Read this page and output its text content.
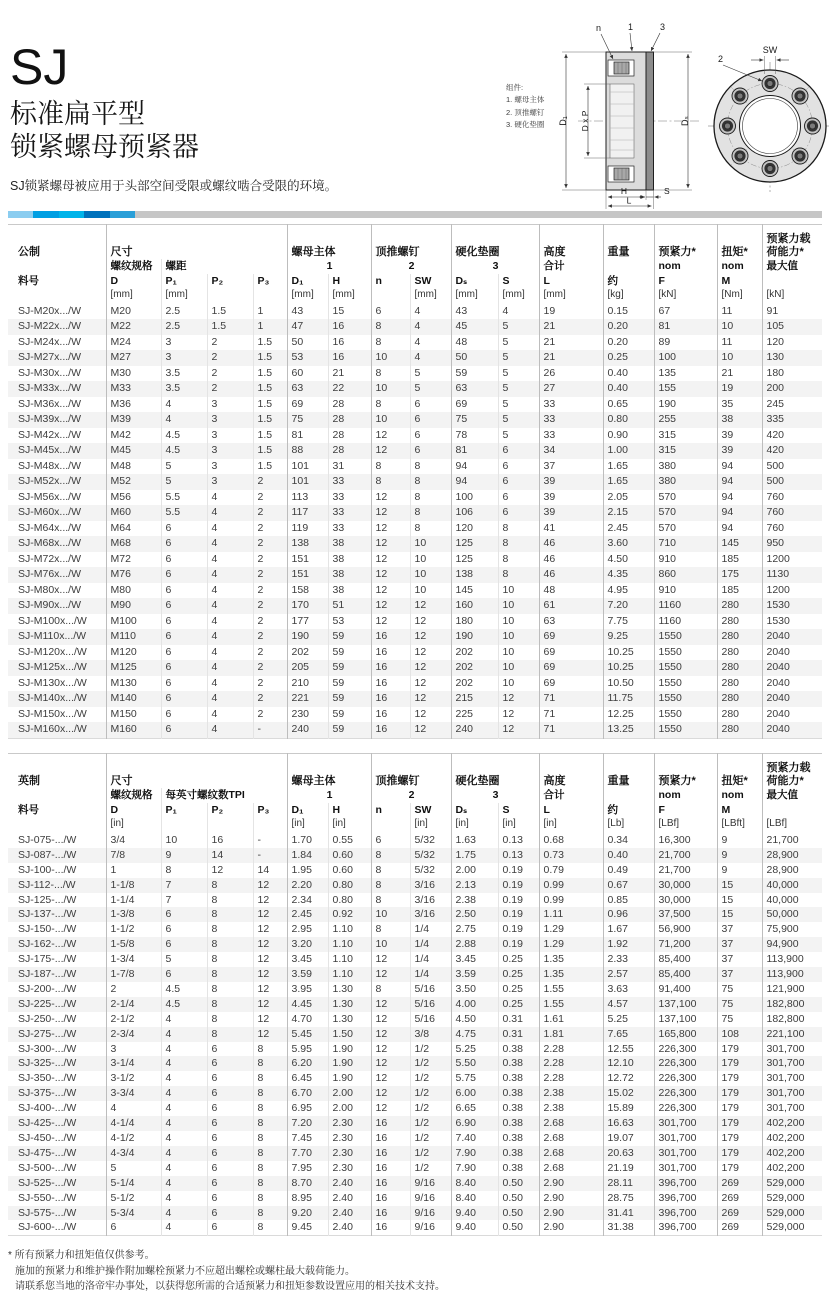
SJ
标准扁平型
锁紧螺母预紧器

SJ锁紧螺母被应用于头部空间受限或螺纹啮合受限的环境。

组件:
1. 螺母主体
2. 顶推螺钉
3. 硬化垫圈
n	1	3
D₁ D x P	Dₛ
H	S
L
SW
2
公制	尺寸				螺母主体		顶推螺钉		硬化垫圈		高度	重量	预紧力*	扭矩*	预紧力载荷能力*
	螺纹规格	螺距			1		2		3		合计		nom	nom	最大值
料号	D	P₁	P₂	P₃	D₁	H	n	SW	Dₛ	S	L	约	F	M	
	[mm]	[mm]			[mm]	[mm]		[mm]	[mm]	[mm]	[mm]	[kg]	[kN]	[Nm]	[kN]
SJ-M20x.../W	M20	2.5	1.5	1	43	15	6	4	43	4	19	0.15	67	11	91
SJ-M22x.../W	M22	2.5	1.5	1	47	16	8	4	45	5	21	0.20	81	10	105
SJ-M24x.../W	M24	3	2	1.5	50	16	8	4	48	5	21	0.20	89	11	120
SJ-M27x.../W	M27	3	2	1.5	53	16	10	4	50	5	21	0.25	100	10	130
SJ-M30x.../W	M30	3.5	2	1.5	60	21	8	5	59	5	26	0.40	135	21	180
SJ-M33x.../W	M33	3.5	2	1.5	63	22	10	5	63	5	27	0.40	155	19	200
SJ-M36x.../W	M36	4	3	1.5	69	28	8	6	69	5	33	0.65	190	35	245
SJ-M39x.../W	M39	4	3	1.5	75	28	10	6	75	5	33	0.80	255	38	335
SJ-M42x.../W	M42	4.5	3	1.5	81	28	12	6	78	5	33	0.90	315	39	420
SJ-M45x.../W	M45	4.5	3	1.5	88	28	12	6	81	6	34	1.00	315	39	420
SJ-M48x.../W	M48	5	3	1.5	101	31	8	8	94	6	37	1.65	380	94	500
SJ-M52x.../W	M52	5	3	2	101	33	8	8	94	6	39	1.65	380	94	500
SJ-M56x.../W	M56	5.5	4	2	113	33	12	8	100	6	39	2.05	570	94	760
SJ-M60x.../W	M60	5.5	4	2	117	33	12	8	106	6	39	2.15	570	94	760
SJ-M64x.../W	M64	6	4	2	119	33	12	8	120	8	41	2.45	570	94	760
SJ-M68x.../W	M68	6	4	2	138	38	12	10	125	8	46	3.60	710	145	950
SJ-M72x.../W	M72	6	4	2	151	38	12	10	125	8	46	4.50	910	185	1200
SJ-M76x.../W	M76	6	4	2	151	38	12	10	138	8	46	4.35	860	175	1130
SJ-M80x.../W	M80	6	4	2	158	38	12	10	145	10	48	4.95	910	185	1200
SJ-M90x.../W	M90	6	4	2	170	51	12	12	160	10	61	7.20	1160	280	1530
SJ-M100x.../W	M100	6	4	2	177	53	12	12	180	10	63	7.75	1160	280	1530
SJ-M110x.../W	M110	6	4	2	190	59	16	12	190	10	69	9.25	1550	280	2040
SJ-M120x.../W	M120	6	4	2	202	59	16	12	202	10	69	10.25	1550	280	2040
SJ-M125x.../W	M125	6	4	2	205	59	16	12	202	10	69	10.25	1550	280	2040
SJ-M130x.../W	M130	6	4	2	210	59	16	12	202	10	69	10.50	1550	280	2040
SJ-M140x.../W	M140	6	4	2	221	59	16	12	215	12	71	11.75	1550	280	2040
SJ-M150x.../W	M150	6	4	2	230	59	16	12	225	12	71	12.25	1550	280	2040
SJ-M160x.../W	M160	6	4	-	240	59	16	12	240	12	71	13.25	1550	280	2040
英制	尺寸				螺母主体		顶推螺钉		硬化垫圈		高度	重量	预紧力*	扭矩*	预紧力载荷能力*
	螺纹规格	每英寸螺纹数TPI			1		2		3		合计		nom	nom	最大值
料号	D	P₁	P₂	P₃	D₁	H	n	SW	Dₛ	S	L	约	F	M	
	[in]				[in]	[in]		[in]	[in]	[in]	[in]	[Lb]	[LBf]	[LBft]	[LBf]
SJ-075-.../W	3/4	10	16	-	1.70	0.55	6	5/32	1.63	0.13	0.68	0.34	16,300	9	21,700
SJ-087-.../W	7/8	9	14	-	1.84	0.60	8	5/32	1.75	0.13	0.73	0.40	21,700	9	28,900
SJ-100-.../W	1	8	12	14	1.95	0.60	8	5/32	2.00	0.19	0.79	0.49	21,700	9	28,900
SJ-112-.../W	1-1/8	7	8	12	2.20	0.80	8	3/16	2.13	0.19	0.99	0.67	30,000	15	40,000
SJ-125-.../W	1-1/4	7	8	12	2.34	0.80	8	3/16	2.38	0.19	0.99	0.85	30,000	15	40,000
SJ-137-.../W	1-3/8	6	8	12	2.45	0.92	10	3/16	2.50	0.19	1.11	0.96	37,500	15	50,000
SJ-150-.../W	1-1/2	6	8	12	2.95	1.10	8	1/4	2.75	0.19	1.29	1.67	56,900	37	75,900
SJ-162-.../W	1-5/8	6	8	12	3.20	1.10	10	1/4	2.88	0.19	1.29	1.92	71,200	37	94,900
SJ-175-.../W	1-3/4	5	8	12	3.45	1.10	12	1/4	3.45	0.25	1.35	2.33	85,400	37	113,900
SJ-187-.../W	1-7/8	6	8	12	3.59	1.10	12	1/4	3.59	0.25	1.35	2.57	85,400	37	113,900
SJ-200-.../W	2	4.5	8	12	3.95	1.30	8	5/16	3.50	0.25	1.55	3.63	91,400	75	121,900
SJ-225-.../W	2-1/4	4.5	8	12	4.45	1.30	12	5/16	4.00	0.25	1.55	4.57	137,100	75	182,800
SJ-250-.../W	2-1/2	4	8	12	4.70	1.30	12	5/16	4.50	0.31	1.61	5.25	137,100	75	182,800
SJ-275-.../W	2-3/4	4	8	12	5.45	1.50	12	3/8	4.75	0.31	1.81	7.65	165,800	108	221,100
SJ-300-.../W	3	4	6	8	5.95	1.90	12	1/2	5.25	0.38	2.28	12.55	226,300	179	301,700
SJ-325-.../W	3-1/4	4	6	8	6.20	1.90	12	1/2	5.50	0.38	2.28	12.10	226,300	179	301,700
SJ-350-.../W	3-1/2	4	6	8	6.45	1.90	12	1/2	5.75	0.38	2.28	12.72	226,300	179	301,700
SJ-375-.../W	3-3/4	4	6	8	6.70	2.00	12	1/2	6.00	0.38	2.38	15.02	226,300	179	301,700
SJ-400-.../W	4	4	6	8	6.95	2.00	12	1/2	6.65	0.38	2.38	15.89	226,300	179	301,700
SJ-425-.../W	4-1/4	4	6	8	7.20	2.30	16	1/2	6.90	0.38	2.68	16.63	301,700	179	402,200
SJ-450-.../W	4-1/2	4	6	8	7.45	2.30	16	1/2	7.40	0.38	2.68	19.07	301,700	179	402,200
SJ-475-.../W	4-3/4	4	6	8	7.70	2.30	16	1/2	7.90	0.38	2.68	20.63	301,700	179	402,200
SJ-500-.../W	5	4	6	8	7.95	2.30	16	1/2	7.90	0.38	2.68	21.19	301,700	179	402,200
SJ-525-.../W	5-1/4	4	6	8	8.70	2.40	16	9/16	8.40	0.50	2.90	28.11	396,700	269	529,000
SJ-550-.../W	5-1/2	4	6	8	8.95	2.40	16	9/16	8.40	0.50	2.90	28.75	396,700	269	529,000
SJ-575-.../W	5-3/4	4	6	8	9.20	2.40	16	9/16	9.40	0.50	2.90	31.41	396,700	269	529,000
SJ-600-.../W	6	4	6	8	9.45	2.40	16	9/16	9.40	0.50	2.90	31.38	396,700	269	529,000
* 所有预紧力和扭矩值仅供参考。
施加的预紧力和维护操作附加螺栓预紧力不应超出螺栓或螺柱最大载荷能力。
请联系您当地的洛帝牢办事处，以获得您所需的合适预紧力和扭矩参数设置应用的相关技术支持。
